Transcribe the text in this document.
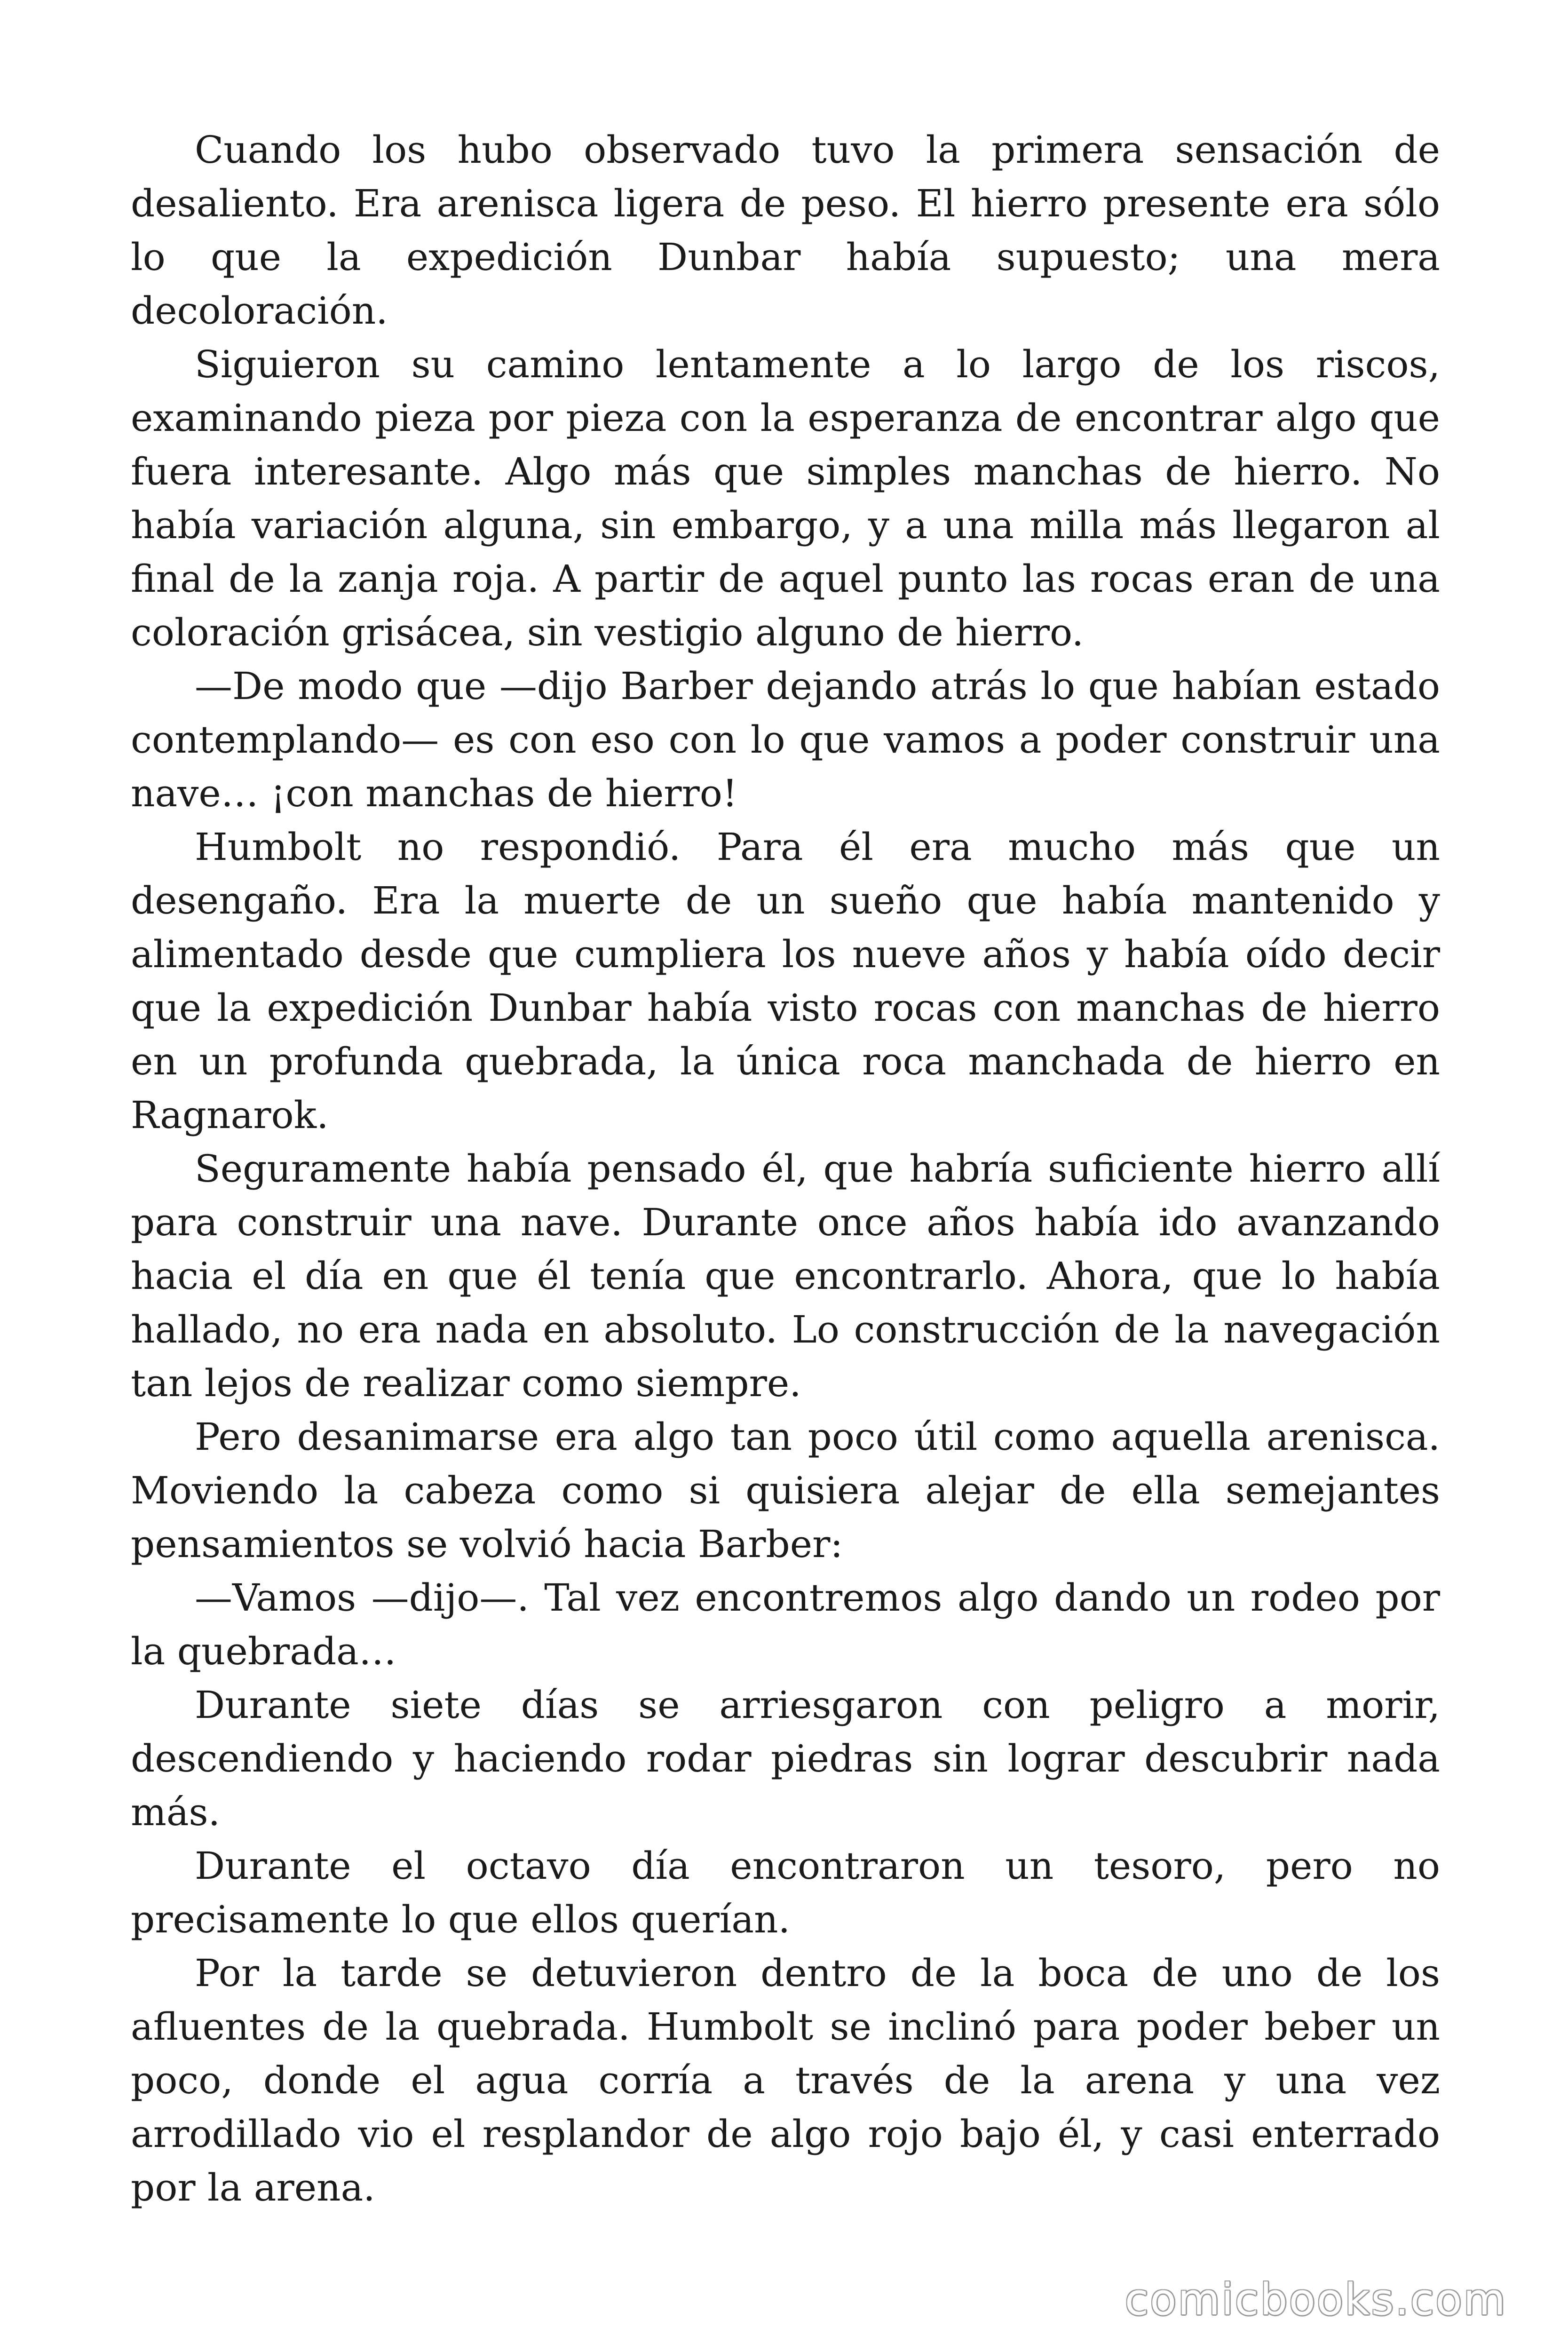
Cuando los hubo observado tuvo la primera sensación de desaliento. Era arenisca ligera de peso. El hierro presente era sólo lo que la expedición Dunbar había supuesto; una mera decoloración.

Siguieron su camino lentamente a lo largo de los riscos, examinando pieza por pieza con la esperanza de encontrar algo que fuera interesante. Algo más que simples manchas de hierro. No había variación alguna, sin embargo, y a una milla más llegaron al final de la zanja roja. A partir de aquel punto las rocas eran de una coloración grisácea, sin vestigio alguno de hierro.

—De modo que —dijo Barber dejando atrás lo que habían estado contemplando— es con eso con lo que vamos a poder construir una nave… ¡con manchas de hierro!

Humbolt no respondió. Para él era mucho más que un desengaño. Era la muerte de un sueño que había mantenido y alimentado desde que cumpliera los nueve años y había oído decir que la expedición Dunbar había visto rocas con manchas de hierro en un profunda quebrada, la única roca manchada de hierro en Ragnarok.

Seguramente había pensado él, que habría suficiente hierro allí para construir una nave. Durante once años había ido avanzando hacia el día en que él tenía que encontrarlo. Ahora, que lo había hallado, no era nada en absoluto. Lo construcción de la navegación tan lejos de realizar como siempre.

Pero desanimarse era algo tan poco útil como aquella arenisca. Moviendo la cabeza como si quisiera alejar de ella semejantes pensamientos se volvió hacia Barber:

—Vamos —dijo—. Tal vez encontremos algo dando un rodeo por la quebrada…

Durante siete días se arriesgaron con peligro a morir, descendiendo y haciendo rodar piedras sin lograr descubrir nada más.

Durante el octavo día encontraron un tesoro, pero no precisamente lo que ellos querían.

Por la tarde se detuvieron dentro de la boca de uno de los afluentes de la quebrada. Humbolt se inclinó para poder beber un poco, donde el agua corría a través de la arena y una vez arrodillado vio el resplandor de algo rojo bajo él, y casi enterrado por la arena.

comicbooks.com
